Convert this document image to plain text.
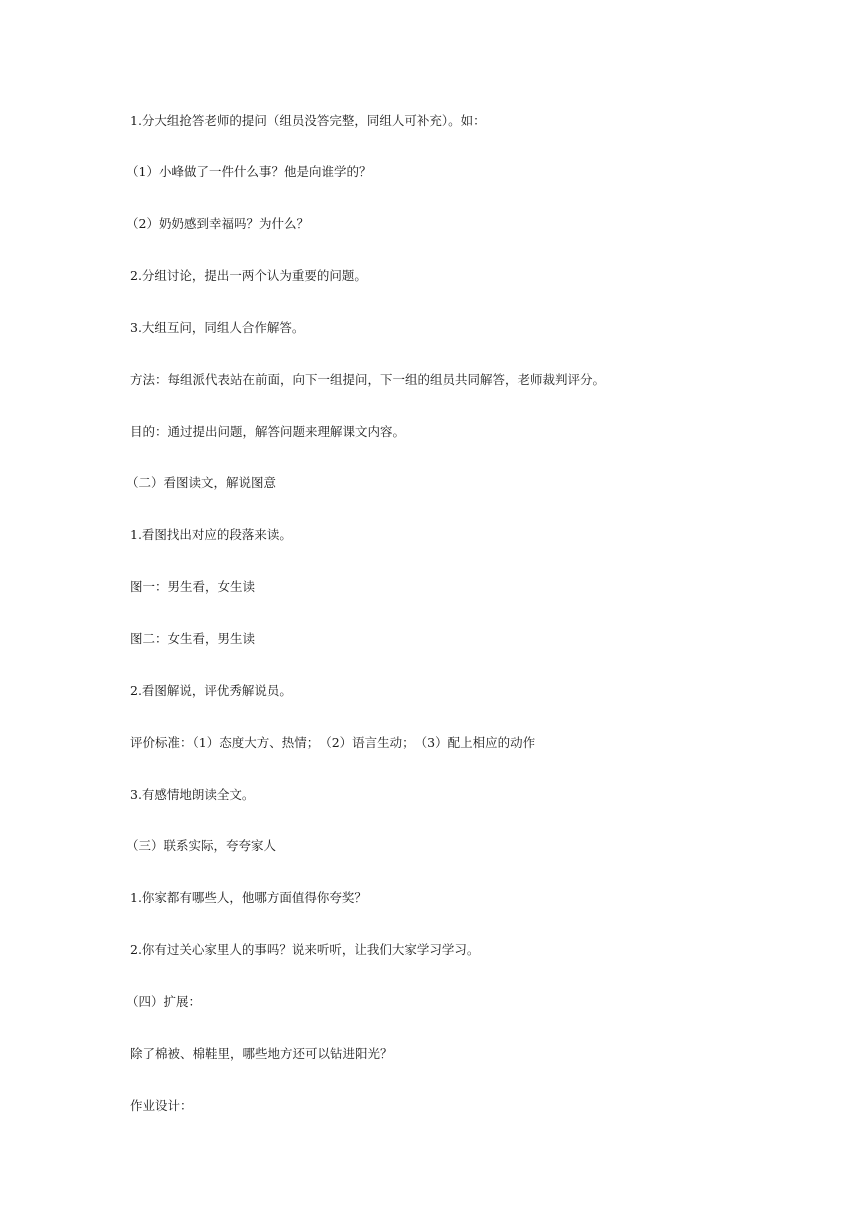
1.分大组抢答老师的提问（组员没答完整，同组人可补充）。如：
（1）小峰做了一件什么事？他是向谁学的？
（2）奶奶感到幸福吗？为什么？
2.分组讨论，提出一两个认为重要的问题。
3.大组互问，同组人合作解答。
方法：每组派代表站在前面，向下一组提问，下一组的组员共同解答，老师裁判评分。
目的：通过提出问题，解答问题来理解课文内容。
（二）看图读文，解说图意
1.看图找出对应的段落来读。
图一：男生看，女生读
图二：女生看，男生读
2.看图解说，评优秀解说员。
评价标准：（1）态度大方、热情；　（2）语言生动；　（3）配上相应的动作
3.有感情地朗读全文。
（三）联系实际，夸夸家人
1.你家都有哪些人，他哪方面值得你夸奖？
2.你有过关心家里人的事吗？说来听听，让我们大家学习学习。
（四）扩展：
除了棉被、棉鞋里，哪些地方还可以钻进阳光？
作业设计：
